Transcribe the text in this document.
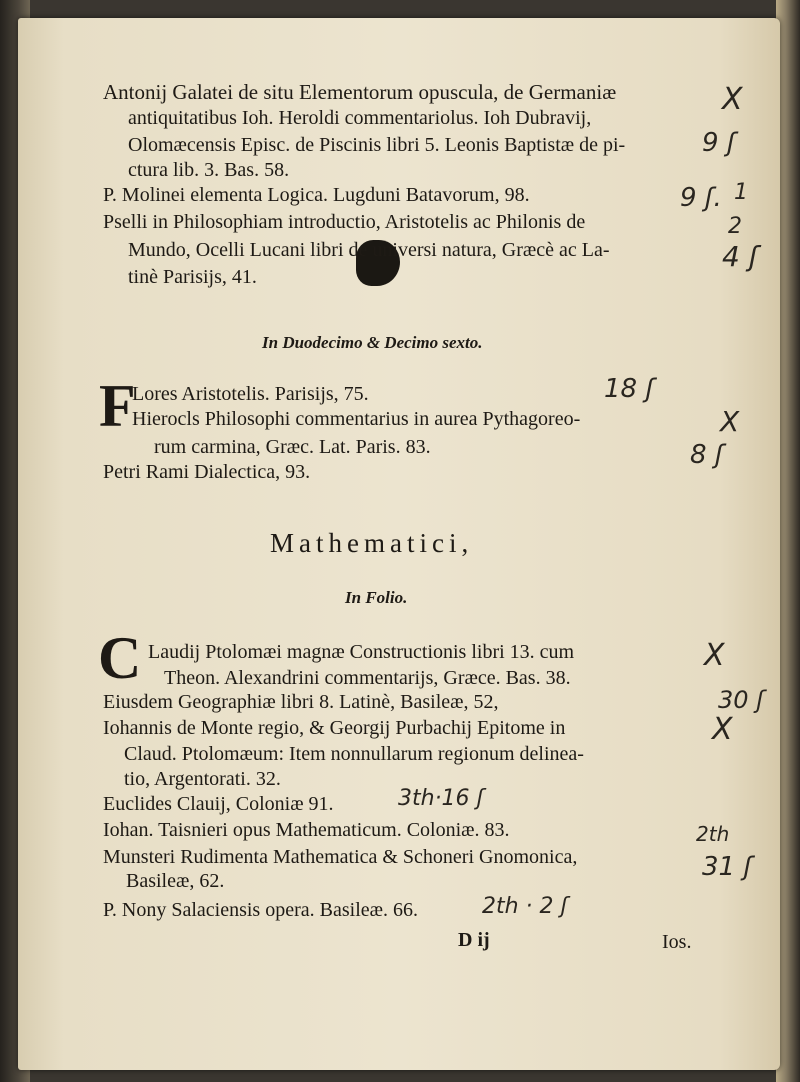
Antonij Galatei de situ Elementorum opuscula, de Germaniæ
antiquitatibus Ioh. Heroldi commentariolus. Ioh Dubravij,
Olomæcensis Episc. de Piscinis libri 5. Leonis Baptistæ de pi-
ctura lib. 3. Bas. 58.
P. Molinei elementa Logica. Lugduni Batavorum, 98.
Pselli in Philosophiam introductio, Aristotelis ac Philonis de
Mundo, Ocelli Lucani libri de universi natura, Græcè ac La-
tinè Parisijs, 41.
In Duodecimo & Decimo sexto.
F
Lores Aristotelis. Parisijs, 75.
Hierocls Philosophi commentarius in aurea Pythagoreo-
rum carmina, Græc. Lat. Paris. 83.
Petri Rami Dialectica, 93.
Mathematici,
In Folio.
C Laudij Ptolomæi magnæ Constructionis libri 13. cum
Theon. Alexandrini commentarijs, Græce. Bas. 38.
Eiusdem Geographiæ libri 8. Latinè, Basileæ, 52,
Iohannis de Monte regio, & Georgij Purbachij Epitome in
Claud. Ptolomæum: Item nonnullarum regionum delinea-
tio, Argentorati. 32.
Euclides Clauij, Coloniæ 91.
Iohan. Taisnieri opus Mathematicum. Coloniæ. 83.
Munsteri Rudimenta Mathematica & Schoneri Gnomonica,
Basileæ, 62.
P. Nony Salaciensis opera. Basileæ. 66.
D ij	Ios.
X
9 ʃ
9 ʃ. 1
2
4 ʃ
18 ʃ
X
8 ʃ
X
30 ʃ
X
3th·16 ʃ
2th
31 ʃ
2th · 2 ʃ
